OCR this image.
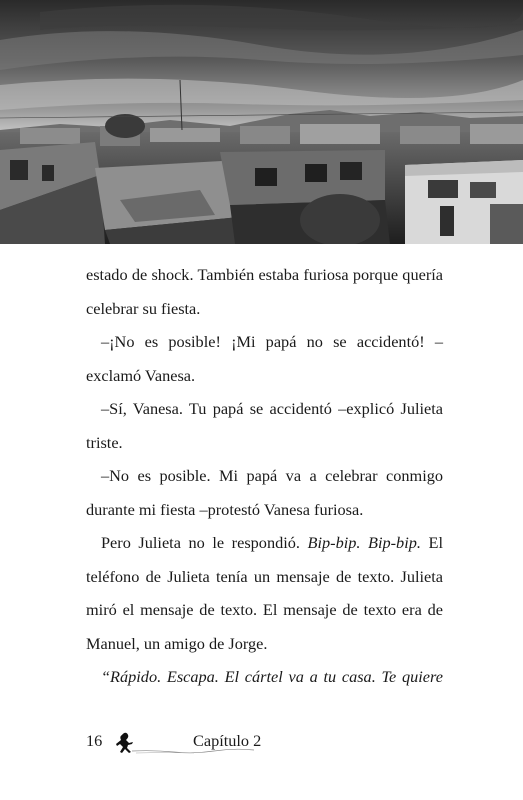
estado de shock. También estaba furiosa porque quería celebrar su fiesta.

–¡No es posible! ¡Mi papá no se accidentó! –exclamó Vanesa.

–Sí, Vanesa. Tu papá se accidentó –explicó Julieta triste.

–No es posible. Mi papá va a celebrar conmigo durante mi fiesta –protestó Vanesa furiosa.

Pero Julieta no le respondió. Bip-bip. Bip-bip. El teléfono de Julieta tenía un mensaje de texto. Julieta miró el mensaje de texto. El mensaje de texto era de Manuel, un amigo de Jorge.

“Rápido. Escapa. El cártel va a tu casa. Te quiere

16	Capítulo 2
